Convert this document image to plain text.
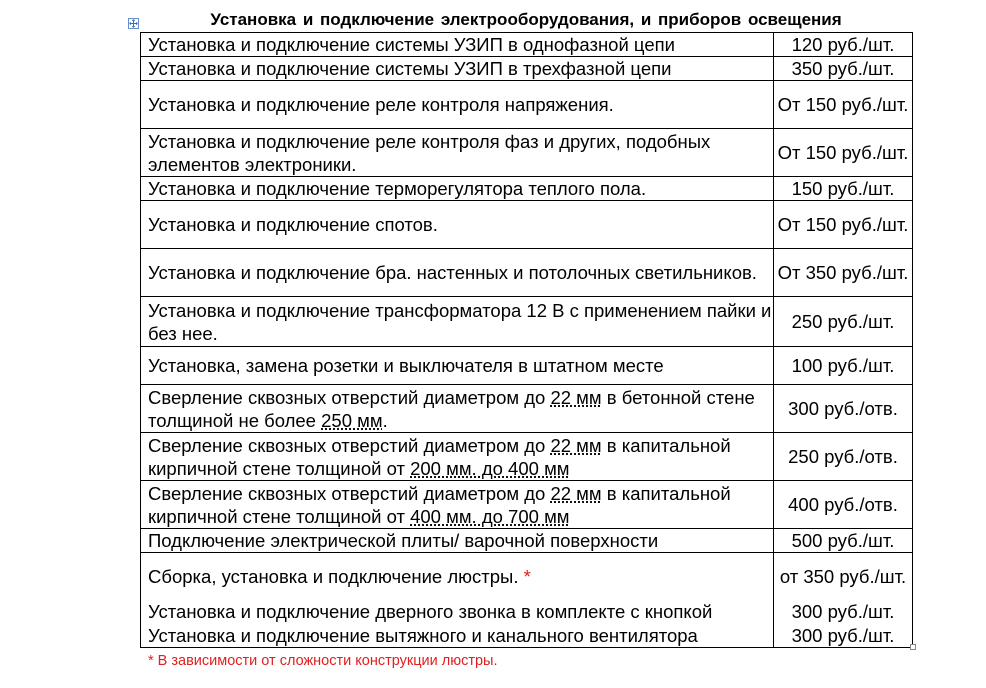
Установка и подключение электрооборудования, и приборов освещения
Установка и подключение системы УЗИП в однофазной цепи	120 руб./шт.
Установка и подключение системы УЗИП в трехфазной цепи	350 руб./шт.
Установка и подключение реле контроля напряжения.	От 150 руб./шт.
Установка и подключение реле контроля фаз и других, подобных элементов электроники.	От 150 руб./шт.
Установка и подключение терморегулятора теплого пола.	150 руб./шт.
Установка и подключение спотов.	От 150 руб./шт.
Установка и подключение бра. настенных и потолочных светильников.	От 350 руб./шт.
Установка и подключение трансформатора 12 В с применением пайки и без нее.	250 руб./шт.
Установка, замена розетки и выключателя в штатном месте	100 руб./шт.
Сверление сквозных отверстий диаметром до 22 мм в бетонной стене толщиной не более 250 мм.	300 руб./отв.
Сверление сквозных отверстий диаметром до 22 мм в капитальной кирпичной стене толщиной от 200 мм. до 400 мм	250 руб./отв.
Сверление сквозных отверстий диаметром до 22 мм в капитальной кирпичной стене толщиной от 400 мм. до 700 мм	400 руб./отв.
Подключение электрической плиты/ варочной поверхности	500 руб./шт.
Сборка, установка и подключение люстры. *	от 350 руб./шт.
Установка и подключение дверного звонка в комплекте с кнопкой	300 руб./шт.
Установка и подключение вытяжного и канального вентилятора	300 руб./шт.
* В зависимости от сложности конструкции люстры.
